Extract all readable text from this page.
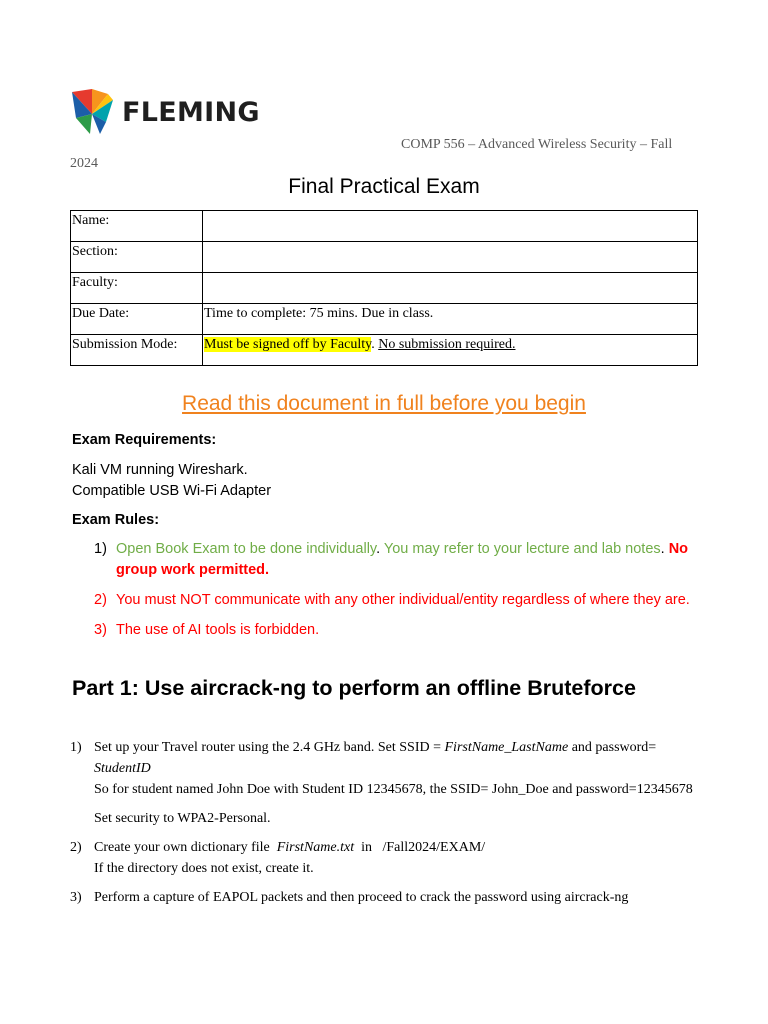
FLEMING
COMP 556 – Advanced Wireless Security – Fall 2024
Final Practical Exam
Name:	
Section:	
Faculty:	
Due Date:	Time to complete: 75 mins. Due in class.
Submission Mode:	Must be signed off by Faculty. No submission required.
Read this document in full before you begin
Exam Requirements:
Kali VM running Wireshark.
Compatible USB Wi-Fi Adapter
Exam Rules:
1) Open Book Exam to be done individually. You may refer to your lecture and lab notes. No group work permitted.
2) You must NOT communicate with any other individual/entity regardless of where they are.
3) The use of AI tools is forbidden.
Part 1: Use aircrack-ng to perform an offline Bruteforce
1) Set up your Travel router using the 2.4 GHz band. Set SSID = FirstName_LastName and password= StudentID
So for student named John Doe with Student ID 12345678, the SSID= John_Doe and password=12345678
Set security to WPA2-Personal.
2) Create your own dictionary file  FirstName.txt  in   /Fall2024/EXAM/
If the directory does not exist, create it.
3) Perform a capture of EAPOL packets and then proceed to crack the password using aircrack-ng
